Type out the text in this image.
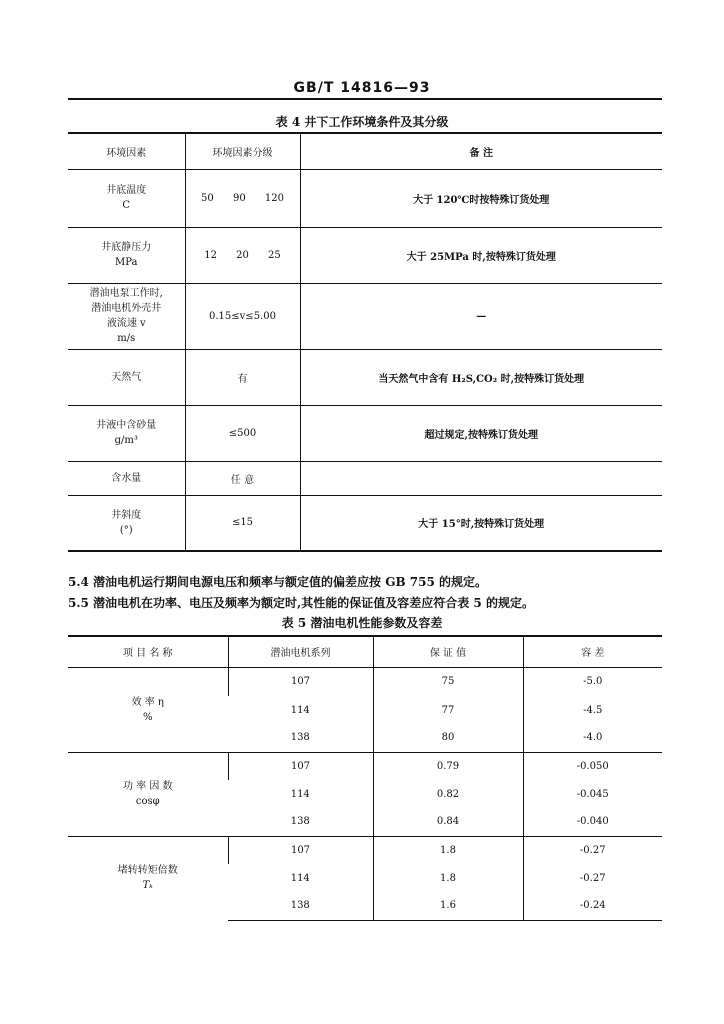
GB/T 14816—93
表 4 井下工作环境条件及其分级
环境因素	环境因素分级	备 注

井底温度
C	50 90 120	大于 120℃时按特殊订货处理

井底静压力
MPa	12 20 25	大于 25MPa 时,按特殊订货处理

潜油电泵工作时,
潜油电机外壳井
液流速 v
m/s	0.15≤v≤5.00	—

天然气	有	当天然气中含有 H₂S,CO₂ 时,按特殊订货处理

井液中含砂量
g/m³	≤500	超过规定,按特殊订货处理

含水量	任 意	

井斜度
(°)	≤15	大于 15°时,按特殊订货处理
5.4 潜油电机运行期间电源电压和频率与额定值的偏差应按 GB 755 的规定。
5.5 潜油电机在功率、电压及频率为额定时,其性能的保证值及容差应符合表 5 的规定。
表 5 潜油电机性能参数及容差
项 目 名 称	潜油电机系列	保 证 值	容 差

效 率 η
%	107	75	-5.0
	114	77	-4.5
	138	80	-4.0

功 率 因 数
cosφ	107	0.79	-0.050
	114	0.82	-0.045
	138	0.84	-0.040

堵转转矩倍数
Tₖ	107	1.8	-0.27
	114	1.8	-0.27
	138	1.6	-0.24
